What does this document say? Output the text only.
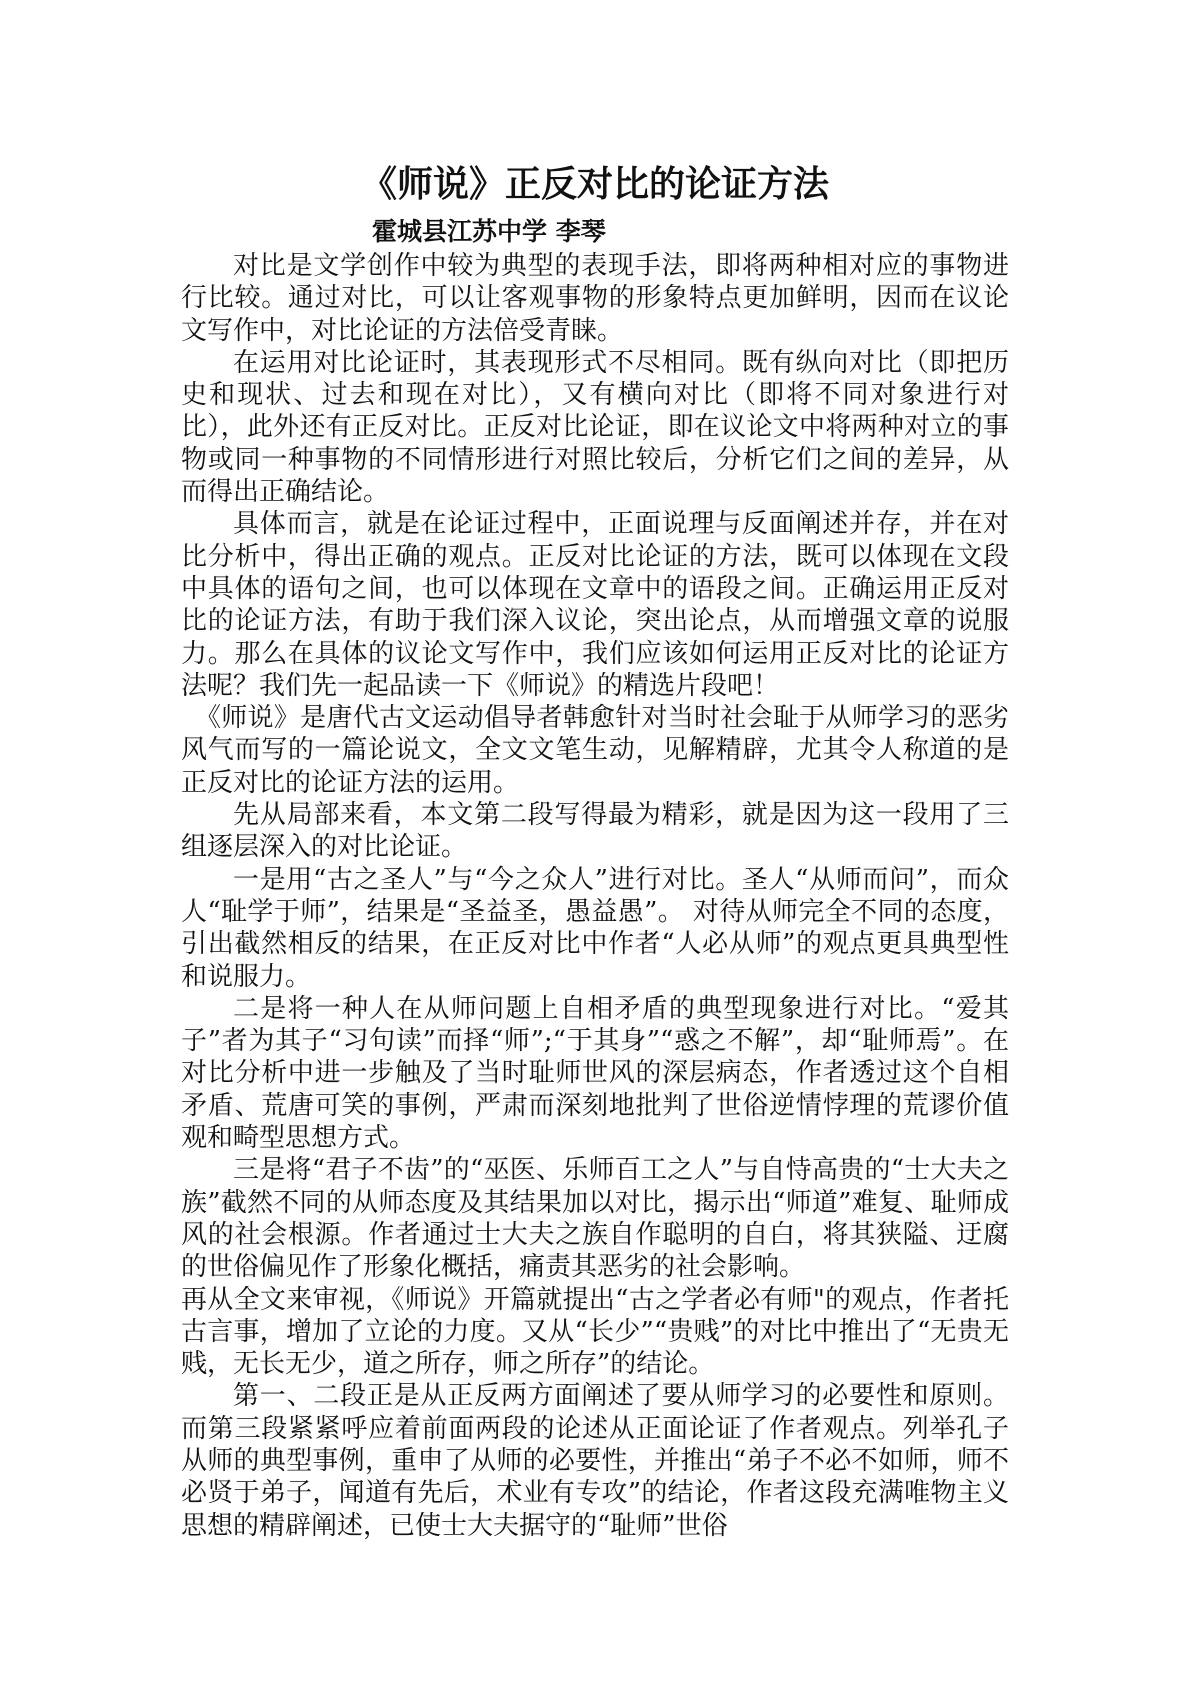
《师说》正反对比的论证方法
霍城县江苏中学 李琴

对比是文学创作中较为典型的表现手法，即将两种相对应的事物进行比较。通过对比，可以让客观事物的形象特点更加鲜明，因而在议论文写作中，对比论证的方法倍受青睐。

在运用对比论证时，其表现形式不尽相同。既有纵向对比（即把历史和现状、过去和现在对比），又有横向对比（即将不同对象进行对比），此外还有正反对比。正反对比论证，即在议论文中将两种对立的事物或同一种事物的不同情形进行对照比较后，分析它们之间的差异，从而得出正确结论。

具体而言，就是在论证过程中，正面说理与反面阐述并存，并在对比分析中，得出正确的观点。正反对比论证的方法，既可以体现在文段中具体的语句之间，也可以体现在文章中的语段之间。正确运用正反对比的论证方法，有助于我们深入议论，突出论点，从而增强文章的说服力。那么在具体的议论文写作中，我们应该如何运用正反对比的论证方法呢？我们先一起品读一下《师说》的精选片段吧！

《师说》是唐代古文运动倡导者韩愈针对当时社会耻于从师学习的恶劣风气而写的一篇论说文，全文文笔生动，见解精辟，尤其令人称道的是正反对比的论证方法的运用。

先从局部来看，本文第二段写得最为精彩，就是因为这一段用了三组逐层深入的对比论证。

一是用“古之圣人”与“今之众人”进行对比。圣人“从师而问”，而众人“耻学于师”，结果是“圣益圣，愚益愚”。 对待从师完全不同的态度，引出截然相反的结果，在正反对比中作者“人必从师”的观点更具典型性和说服力。

二是将一种人在从师问题上自相矛盾的典型现象进行对比。“爱其子”者为其子“习句读”而择“师”;“于其身”“惑之不解”，却“耻师焉”。在对比分析中进一步触及了当时耻师世风的深层病态，作者透过这个自相矛盾、荒唐可笑的事例，严肃而深刻地批判了世俗逆情悖理的荒谬价值观和畸型思想方式。

三是将“君子不齿”的“巫医、乐师百工之人”与自恃高贵的“士大夫之族”截然不同的从师态度及其结果加以对比，揭示出“师道”难复、耻师成风的社会根源。作者通过士大夫之族自作聪明的自白，将其狭隘、迂腐的世俗偏见作了形象化概括，痛责其恶劣的社会影响。

再从全文来审视，《师说》开篇就提出“古之学者必有师"的观点，作者托古言事，增加了立论的力度。又从“长少”“贵贱”的对比中推出了“无贵无贱，无长无少，道之所存，师之所存”的结论。

第一、二段正是从正反两方面阐述了要从师学习的必要性和原则。而第三段紧紧呼应着前面两段的论述从正面论证了作者观点。列举孔子从师的典型事例，重申了从师的必要性，并推出“弟子不必不如师，师不必贤于弟子，闻道有先后，术业有专攻”的结论，作者这段充满唯物主义思想的精辟阐述，已使士大夫据守的“耻师”世俗
